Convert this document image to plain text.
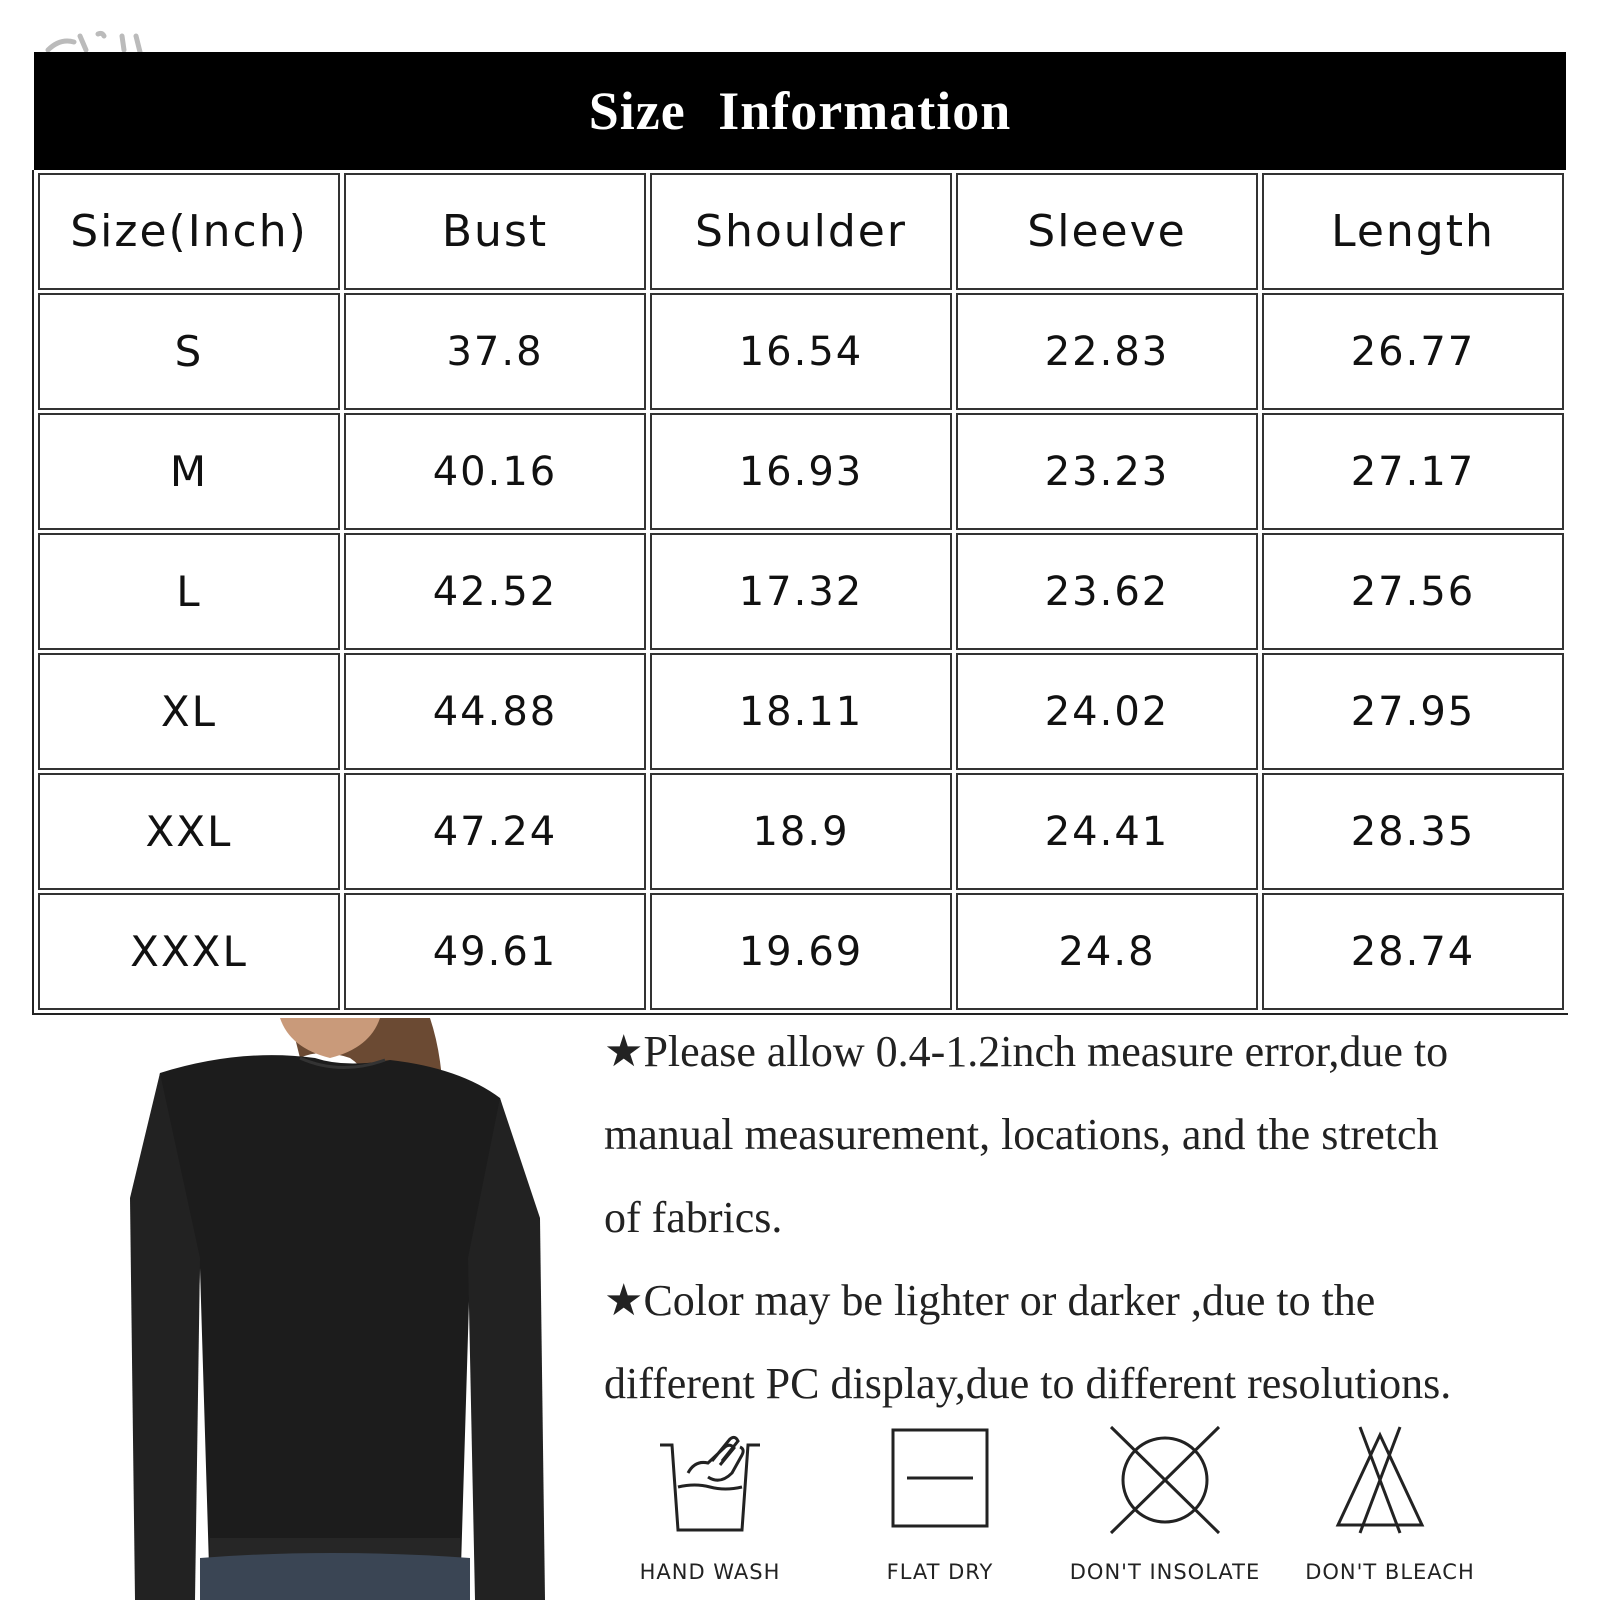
Size Information
Size(Inch)	Bust	Shoulder	Sleeve	Length
S	37.8	16.54	22.83	26.77
M	40.16	16.93	23.23	27.17
L	42.52	17.32	23.62	27.56
XL	44.88	18.11	24.02	27.95
XXL	47.24	18.9	24.41	28.35
XXXL	49.61	19.69	24.8	28.74

★Please allow 0.4-1.2inch measure error,due to

manual measurement, locations, and the stretch

of fabrics.

★Color may be lighter or darker ,due to the

different PC display,due to different resolutions.

HAND WASH	FLAT DRY	DON'T INSOLATE	DON'T BLEACH
